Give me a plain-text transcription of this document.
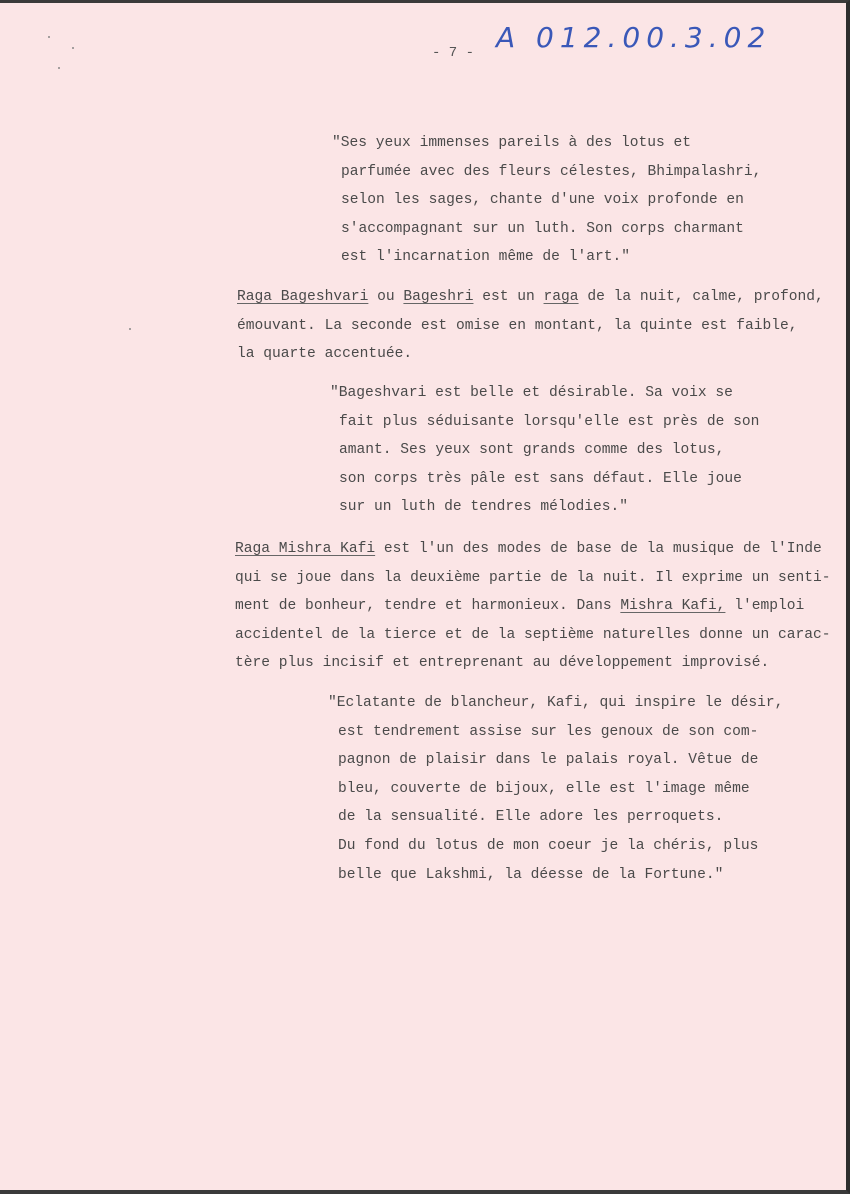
- 7 - A 012.00.3.02
"Ses yeux immenses pareils à des lotus et
parfumée avec des fleurs célestes, Bhimpalashri,
selon les sages, chante d'une voix profonde en
s'accompagnant sur un luth. Son corps charmant
est l'incarnation même de l'art."
Raga Bageshvari ou Bageshri est un raga de la nuit, calme, profond,
émouvant. La seconde est omise en montant, la quinte est faible,
la quarte accentuée.
"Bageshvari est belle et désirable. Sa voix se
fait plus séduisante lorsqu'elle est près de son
amant. Ses yeux sont grands comme des lotus,
son corps très pâle est sans défaut. Elle joue
sur un luth de tendres mélodies."
Raga Mishra Kafi est l'un des modes de base de la musique de l'Inde
qui se joue dans la deuxième partie de la nuit. Il exprime un senti-
ment de bonheur, tendre et harmonieux. Dans Mishra Kafi, l'emploi
accidentel de la tierce et de la septième naturelles donne un carac-
tère plus incisif et entreprenant au développement improvisé.
"Eclatante de blancheur, Kafi, qui inspire le désir,
est tendrement assise sur les genoux de son com-
pagnon de plaisir dans le palais royal. Vêtue de
bleu, couverte de bijoux, elle est l'image même
de la sensualité. Elle adore les perroquets.
Du fond du lotus de mon coeur je la chéris, plus
belle que Lakshmi, la déesse de la Fortune."
